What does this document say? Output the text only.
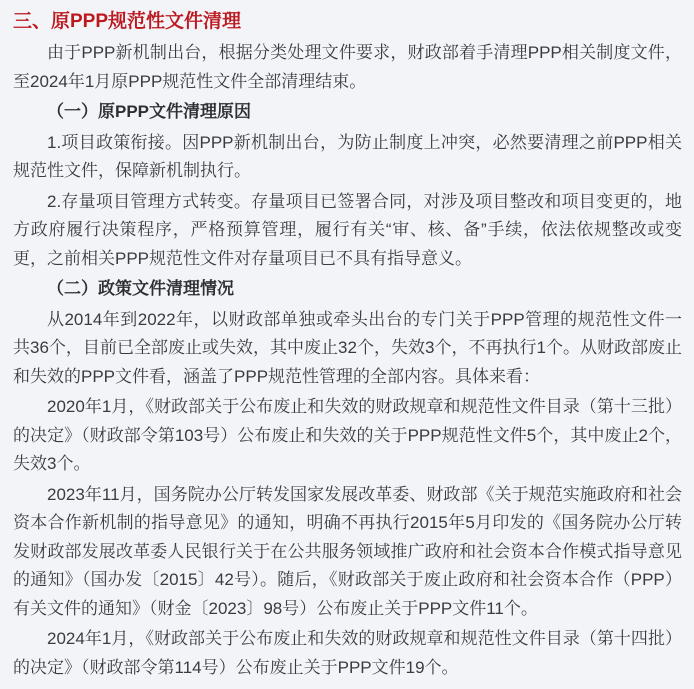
三、原PPP规范性文件清理

由于PPP新机制出台，根据分类处理文件要求，财政部着手清理PPP相关制度文件，至2024年1月原PPP规范性文件全部清理结束。

（一）原PPP文件清理原因

1.项目政策衔接。因PPP新机制出台，为防止制度上冲突，必然要清理之前PPP相关规范性文件，保障新机制执行。

2.存量项目管理方式转变。存量项目已签署合同，对涉及项目整改和项目变更的，地方政府履行决策程序，严格预算管理，履行有关“审、核、备”手续，依法依规整改或变更，之前相关PPP规范性文件对存量项目已不具有指导意义。

（二）政策文件清理情况

从2014年到2022年，以财政部单独或牵头出台的专门关于PPP管理的规范性文件一共36个，目前已全部废止或失效，其中废止32个，失效3个，不再执行1个。从财政部废止和失效的PPP文件看，涵盖了PPP规范性管理的全部内容。具体来看：

2020年1月，《财政部关于公布废止和失效的财政规章和规范性文件目录（第十三批）的决定》（财政部令第103号）公布废止和失效的关于PPP规范性文件5个，其中废止2个，失效3个。

2023年11月，国务院办公厅转发国家发展改革委、财政部《关于规范实施政府和社会资本合作新机制的指导意见》的通知，明确不再执行2015年5月印发的《国务院办公厅转发财政部发展改革委人民银行关于在公共服务领域推广政府和社会资本合作模式指导意见的通知》（国办发〔2015〕42号）。随后，《财政部关于废止政府和社会资本合作（PPP）有关文件的通知》（财金〔2023〕98号）公布废止关于PPP文件11个。

2024年1月，《财政部关于公布废止和失效的财政规章和规范性文件目录（第十四批）的决定》（财政部令第114号）公布废止关于PPP文件19个。
